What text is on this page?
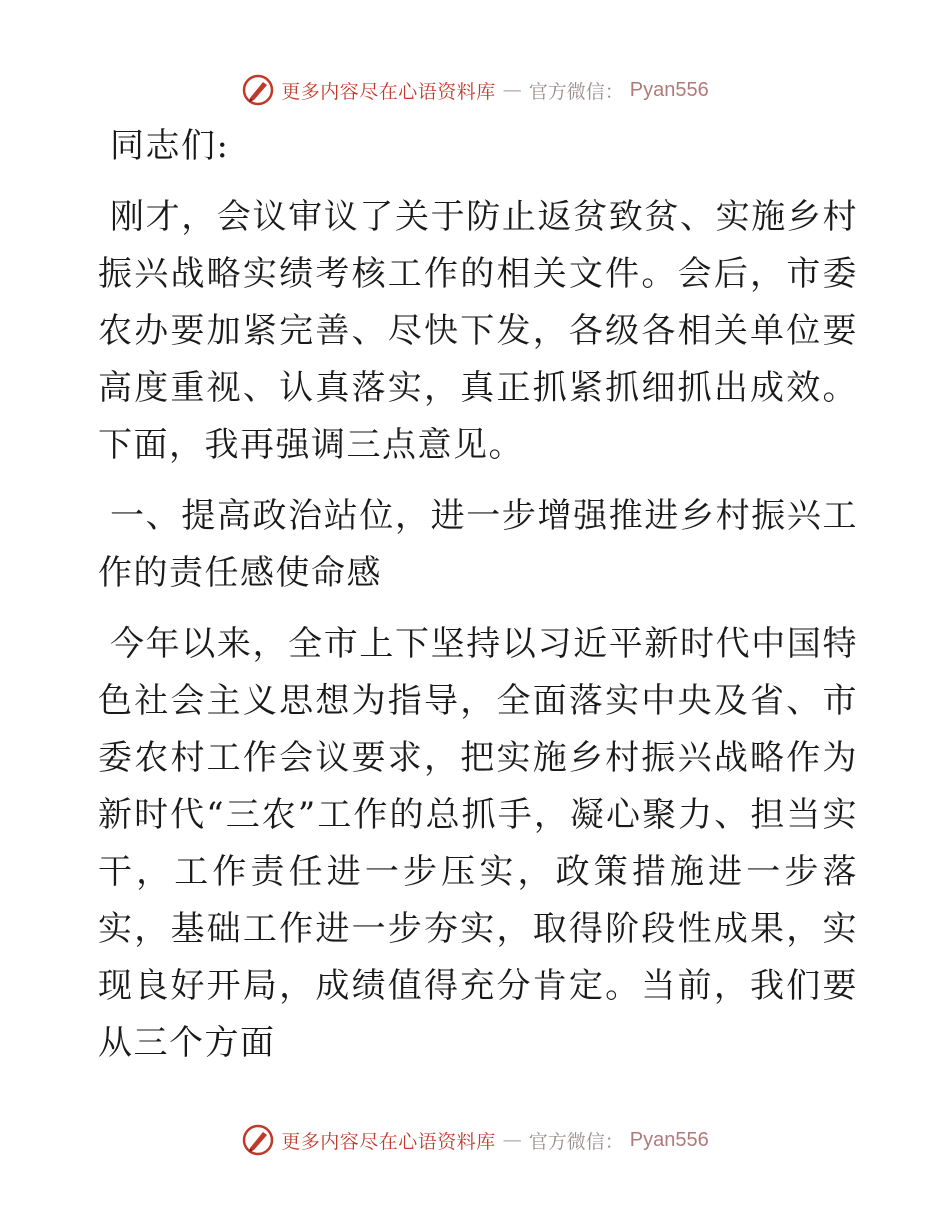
更多内容尽在心语资料库 — 官方微信： Pyan556

同志们:

刚才，会议审议了关于防止返贫致贫、实施乡村振兴战略实绩考核工作的相关文件。会后，市委农办要加紧完善、尽快下发，各级各相关单位要高度重视、认真落实，真正抓紧抓细抓出成效。下面，我再强调三点意见。

一、提高政治站位，进一步增强推进乡村振兴工作的责任感使命感

今年以来，全市上下坚持以习近平新时代中国特色社会主义思想为指导，全面落实中央及省、市委农村工作会议要求，把实施乡村振兴战略作为新时代“三农”工作的总抓手，凝心聚力、担当实干，工作责任进一步压实，政策措施进一步落实，基础工作进一步夯实，取得阶段性成果，实现良好开局，成绩值得充分肯定。当前，我们要从三个方面

更多内容尽在心语资料库 — 官方微信： Pyan556
